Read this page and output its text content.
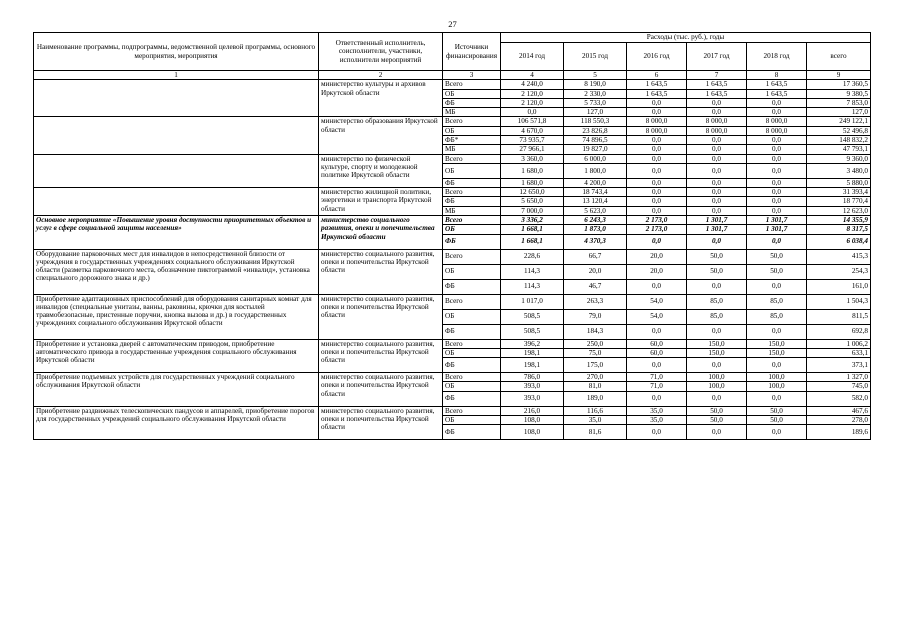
27
Наименование программы, подпрограммы, ведомственной целевой программы, основного мероприятия, мероприятия	Ответственный исполнитель, соисполнители, участники, исполнители мероприятий	Источники финансирования	Расходы (тыс. руб.), годы					
			2014 год	2015 год	2016 год	2017 год	2018 год	всего
1	2	3	4	5	6	7	8	9
	министерство культуры и архивов Иркутской области	Всего	4 240,0	8 190,0	1 643,5	1 643,5	1 643,5	17 360,5
		ОБ	2 120,0	2 330,0	1 643,5	1 643,5	1 643,5	9 380,5
		ФБ	2 120,0	5 733,0	0,0	0,0	0,0	7 853,0
		МБ	0,0	127,0	0,0	0,0	0,0	127,0
	министерство образования Иркутской области	Всего	106 571,8	118 550,3	8 000,0	8 000,0	8 000,0	249 122,1
		ОБ	4 670,0	23 826,8	8 000,0	8 000,0	8 000,0	52 496,8
		ФБ*	73 935,7	74 896,5	0,0	0,0	0,0	148 832,2
		МБ	27 966,1	19 827,0	0,0	0,0	0,0	47 793,1
	министерство по физической культуре, спорту и молодежной политике Иркутской области	Всего	3 360,0	6 000,0	0,0	0,0	0,0	9 360,0
		ОБ	1 680,0	1 800,0	0,0	0,0	0,0	3 480,0
		ФБ	1 680,0	4 200,0	0,0	0,0	0,0	5 880,0
	министерство жилищной политики, энергетики и транспорта Иркутской области	Всего	12 650,0	18 743,4	0,0	0,0	0,0	31 393,4
		ФБ	5 650,0	13 120,4	0,0	0,0	0,0	18 770,4
		МБ	7 000,0	5 623,0	0,0	0,0	0,0	12 623,0
Основное мероприятие «Повышение уровня доступности приоритетных объектов и услуг в сфере социальной защиты населения»	министерство социального развития, опеки и попечительства Иркутской области	Всего	3 336,2	6 243,3	2 173,0	1 301,7	1 301,7	14 355,9
		ОБ	1 668,1	1 873,0	2 173,0	1 301,7	1 301,7	8 317,5
		ФБ	1 668,1	4 370,3	0,0	0,0	0,0	6 038,4
Оборудование парковочных мест для инвалидов в непосредственной близости от учреждения в государственных учреждениях социального обслуживания Иркутской области (разметка парковочного места, обозначение пиктограммой «инвалид», установка специального дорожного знака и др.)	министерство социального развития, опеки и попечительства Иркутской области	Всего	228,6	66,7	20,0	50,0	50,0	415,3
		ОБ	114,3	20,0	20,0	50,0	50,0	254,3
		ФБ	114,3	46,7	0,0	0,0	0,0	161,0
Приобретение адаптационных приспособлений для оборудования санитарных комнат для инвалидов (специальные унитазы, ванны, раковины, крючки для костылей травмобезопасные, пристенные поручни, кнопка вызова и др.) в государственных учреждениях социального обслуживания Иркутской области	министерство социального развития, опеки и попечительства Иркутской области	Всего	1 017,0	263,3	54,0	85,0	85,0	1 504,3
		ОБ	508,5	79,0	54,0	85,0	85,0	811,5
		ФБ	508,5	184,3	0,0	0,0	0,0	692,8
Приобретение и установка дверей с автоматическим приводом, приобретение автоматического привода в государственные учреждения социального обслуживания Иркутской области	министерство социального развития, опеки и попечительства Иркутской области	Всего	396,2	250,0	60,0	150,0	150,0	1 006,2
		ОБ	198,1	75,0	60,0	150,0	150,0	633,1
		ФБ	198,1	175,0	0,0	0,0	0,0	373,1
Приобретение подъемных устройств для государственных учреждений социального обслуживания Иркутской области	министерство социального развития, опеки и попечительства Иркутской области	Всего	786,0	270,0	71,0	100,0	100,0	1 327,0
		ОБ	393,0	81,0	71,0	100,0	100,0	745,0
		ФБ	393,0	189,0	0,0	0,0	0,0	582,0
Приобретение раздвижных телескопических пандусов и аппарелей, приобретение порогов для государственных учреждений социального обслуживания Иркутской области	министерство социального развития, опеки и попечительства Иркутской области	Всего	216,0	116,6	35,0	50,0	50,0	467,6
		ОБ	108,0	35,0	35,0	50,0	50,0	278,0
		ФБ	108,0	81,6	0,0	0,0	0,0	189,6
